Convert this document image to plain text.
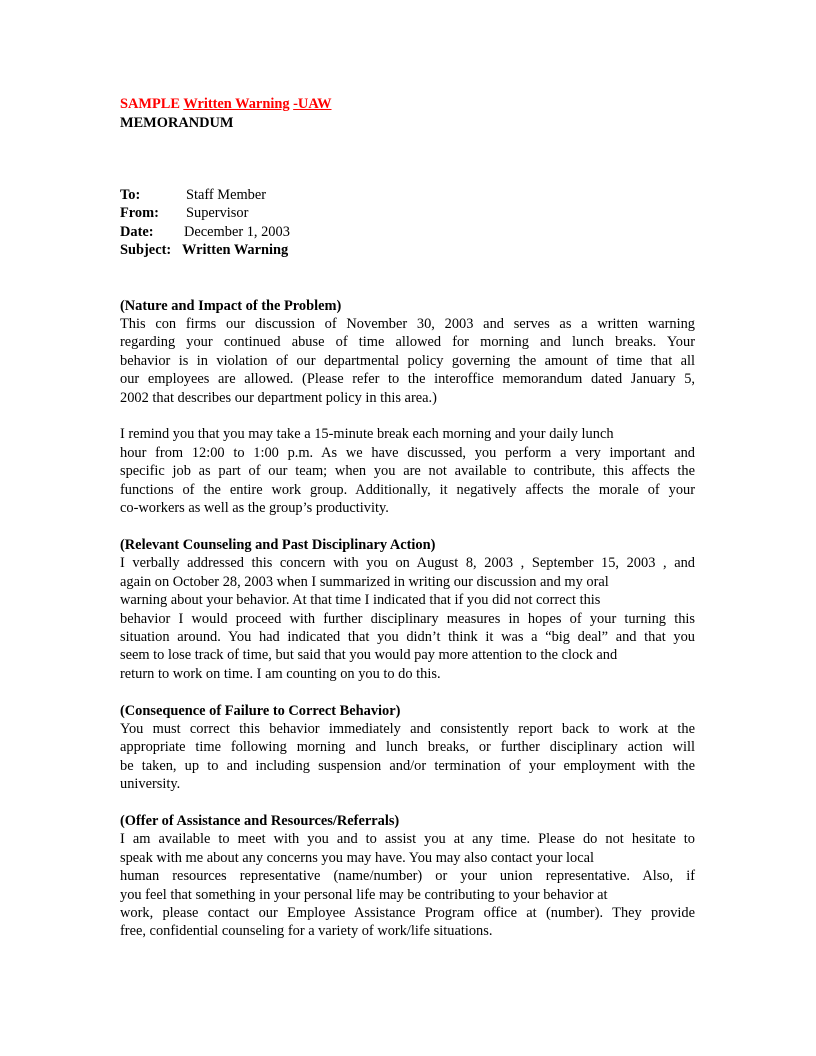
SAMPLE Written Warning -UAW
MEMORANDUM
To:	Staff Member
From: Supervisor
Date: December 1, 2003
Subject: Written Warning
(Nature and Impact of the Problem)
This con firms our discussion of November 30, 2003 and serves as a written warning
regarding your continued abuse of time allowed for morning and lunch breaks. Your
behavior is in violation of our departmental policy governing the amount of time that all
our employees are allowed. (Please refer to the interoffice memorandum dated January 5,
2002 that describes our department policy in this area.)
I remind you that you may take a 15-minute break each morning and your daily lunch
hour from 12:00 to 1:00 p.m. As we have discussed, you perform a very important and
specific job as part of our team; when you are not available to contribute, this affects the
functions of the entire work group. Additionally, it negatively affects the morale of your
co-workers as well as the group’s productivity.
(Relevant Counseling and Past Disciplinary Action)
I verbally addressed this concern with you on August 8, 2003 , September 15, 2003 , and
again on October 28, 2003 when I summarized in writing our discussion and my oral
warning about your behavior. At that time I indicated that if you did not correct this
behavior I would proceed with further disciplinary measures in hopes of your turning this
situation around. You had indicated that you didn’t think it was a “big deal” and that you
seem to lose track of time, but said that you would pay more attention to the clock and
return to work on time. I am counting on you to do this.
(Consequence of Failure to Correct Behavior)
You must correct this behavior immediately and consistently report back to work at the
appropriate time following morning and lunch breaks, or further disciplinary action will
be taken, up to and including suspension and/or termination of your employment with the
university.
(Offer of Assistance and Resources/Referrals)
I am available to meet with you and to assist you at any time. Please do not hesitate to
speak with me about any concerns you may have. You may also contact your local
human resources representative (name/number) or your union representative. Also, if
you feel that something in your personal life may be contributing to your behavior at
work, please contact our Employee Assistance Program office at (number). They provide
free, confidential counseling for a variety of work/life situations.
